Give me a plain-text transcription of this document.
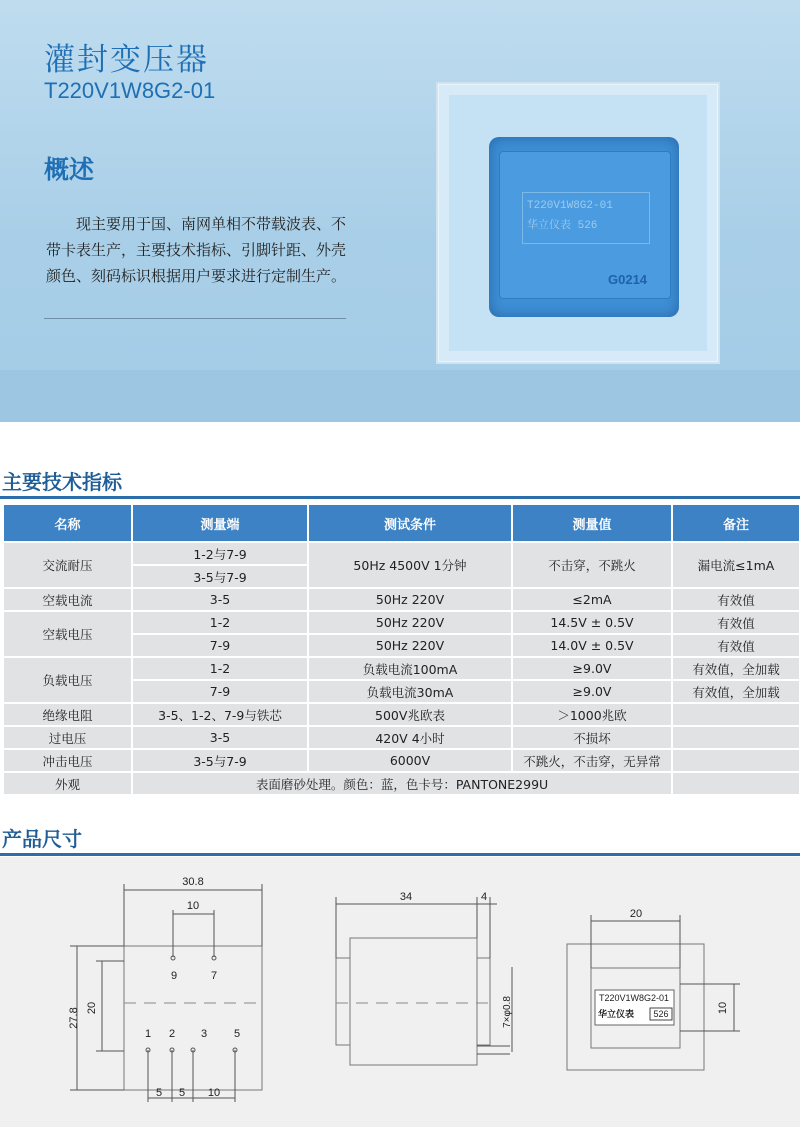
灌封变压器
T220V1W8G2-01
概述
现主要用于国、南网单相不带载波表、不带卡表生产，主要技术指标、引脚针距、外壳颜色、刻码标识根据用户要求进行定制生产。
T220V1W8G2-01
华立仪表 526
G0214
主要技术指标
名称	测量端	测试条件	测量值	备注
交流耐压	1-2与7-9	50Hz 4500V 1分钟	不击穿，不跳火	漏电流≤1mA
	3-5与7-9			
空载电流	3-5	50Hz 220V	≤2mA	有效值
空载电压	1-2	50Hz 220V	14.5V ± 0.5V	有效值
	7-9	50Hz 220V	14.0V ± 0.5V	有效值
负载电压	1-2	负载电流100mA	≥9.0V	有效值，全加载
	7-9	负载电流30mA	≥9.0V	有效值，全加载
绝缘电阻	3-5、1-2、7-9与铁芯	500V兆欧表	＞1000兆欧	
过电压	3-5	420V 4小时	不损坏	
冲击电压	3-5与7-9	6000V	不跳火，不击穿，无异常	
外观	表面磨砂处理。颜色：蓝，色卡号：PANTONE299U			
产品尺寸
30.8
10
9	7
1 2 3 5
5 5 10
27.8 20
34	4
7×φ0.8
20
T220V1W8G2-01
华立仪表 526	10
